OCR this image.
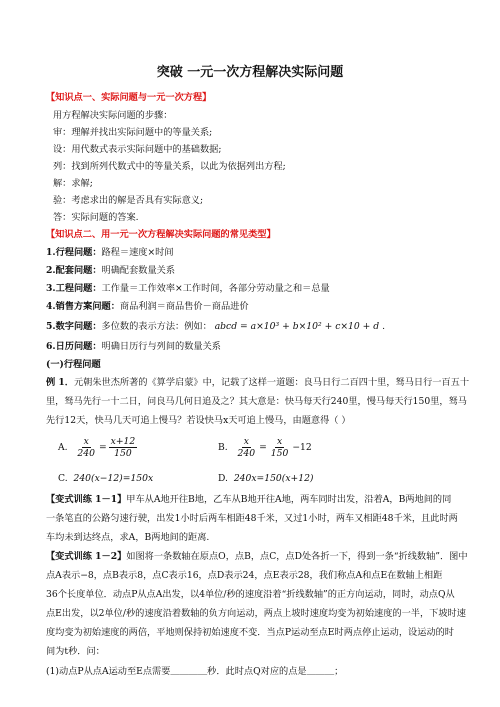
突破 一元一次方程解决实际问题
【知识点一、实际问题与一元一次方程】
用方程解决实际问题的步骤：
审：理解并找出实际问题中的等量关系;
设：用代数式表示实际问题中的基础数据;
列：找到所列代数式中的等量关系，以此为依据列出方程;
解：求解;
验：考虑求出的解是否具有实际意义;
答：实际问题的答案.
【知识点二、用一元一次方程解决实际问题的常见类型】
1.行程问题：路程＝速度×时间
2.配套问题：明确配套数量关系
3.工程问题：工作量＝工作效率×工作时间，各部分劳动量之和＝总量
4.销售方案问题：商品利润＝商品售价－商品进价
5.数字问题：多位数的表示方法：例如： abcd = a×10³ + b×10² + c×10 + d .
6.日历问题：明确日历行与列间的数量关系
(一)行程问题
例 1．元朝朱世杰所著的《算学启蒙》中，记载了这样一道题：良马日行二百四十里，驽马日行一百五十
里，驽马先行一十二日，问良马几何日追及之？其大意是：快马每天行240里，慢马每天行150里，驽马
先行12天，快马几天可追上慢马？若设快马x天可追上慢马，由题意得（ ）
A.
$\frac{x}{240} = \frac{x+12}{150}$	B.
$\frac{x}{240} = \frac{x}{150} -12$
C.
240(x−12)=150x	D.
240x=150(x+12)
【变式训练 1－1】甲车从A地开往B地，乙车从B地开往A地，两车同时出发，沿着A，B两地间的同
一条笔直的公路匀速行驶，出发1小时后两车相距48千米，又过1小时，两车又相距48千米，且此时两
车均未到达终点，求A，B两地间的距离.
【变式训练 1－2】如图将一条数轴在原点O，点B，点C，点D处各折一下，得到一条“折线数轴”．图中
点A表示−8，点B表示8，点C表示16，点D表示24，点E表示28，我们称点A和点E在数轴上相距
36个长度单位．动点P从点A出发，以4单位/秒的速度沿着“折线数轴”的正方向运动，同时，动点Q从
点E出发，以2单位/秒的速度沿着数轴的负方向运动，两点上坡时速度均变为初始速度的一半，下坡时速
度均变为初始速度的两倍，平地则保持初始速度不变．当点P运动至点E时两点停止运动，设运动的时
间为t秒．问：
(1)动点P从点A运动至E点需要＿＿＿＿秒．此时点Q对应的点是＿＿＿；
